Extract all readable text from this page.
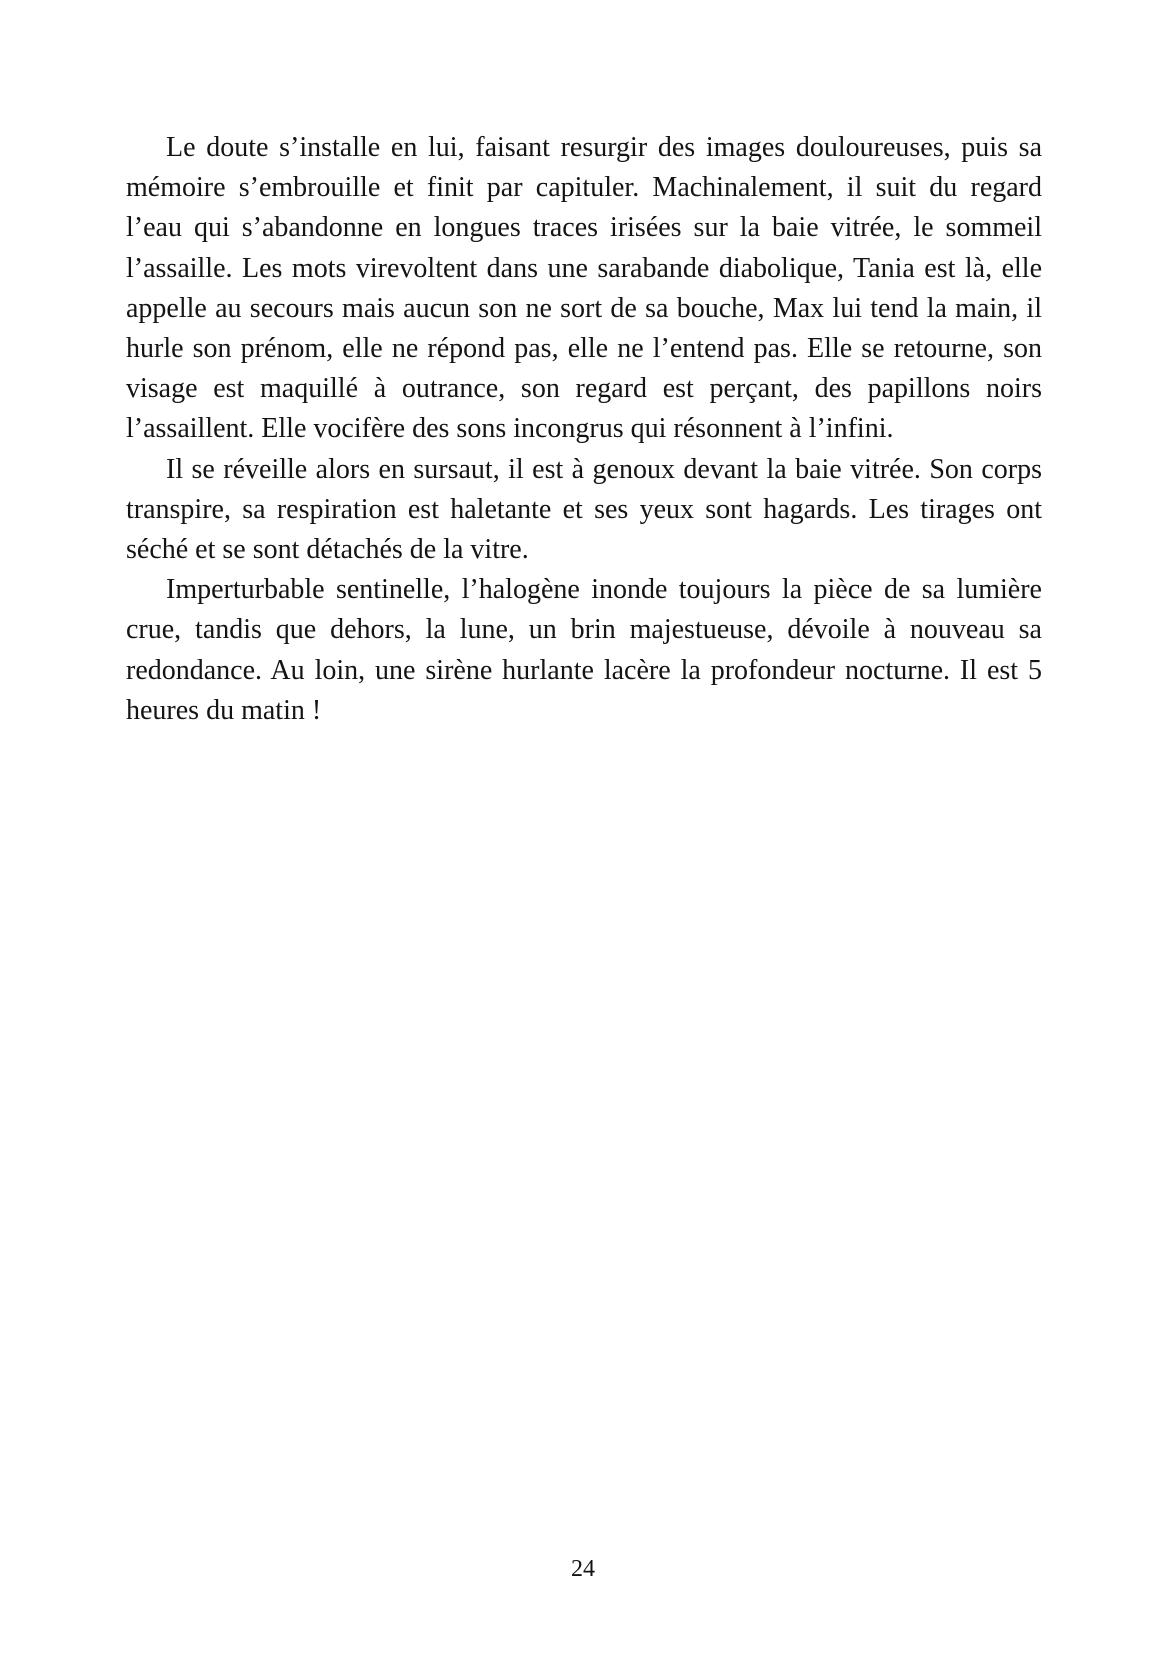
Le doute s’installe en lui, faisant resurgir des images douloureuses, puis sa mémoire s’embrouille et finit par capituler. Machinalement, il suit du regard l’eau qui s’abandonne en longues traces irisées sur la baie vitrée, le sommeil l’assaille. Les mots virevoltent dans une sarabande diabolique, Tania est là, elle appelle au secours mais aucun son ne sort de sa bouche, Max lui tend la main, il hurle son prénom, elle ne répond pas, elle ne l’entend pas. Elle se retourne, son visage est maquillé à outrance, son regard est perçant, des papillons noirs l’assaillent. Elle vocifère des sons incongrus qui résonnent à l’infini.

Il se réveille alors en sursaut, il est à genoux devant la baie vitrée. Son corps transpire, sa respiration est haletante et ses yeux sont hagards. Les tirages ont séché et se sont détachés de la vitre.

Imperturbable sentinelle, l’halogène inonde toujours la pièce de sa lumière crue, tandis que dehors, la lune, un brin majestueuse, dévoile à nouveau sa redondance. Au loin, une sirène hurlante lacère la profondeur nocturne. Il est 5 heures du matin !

24
